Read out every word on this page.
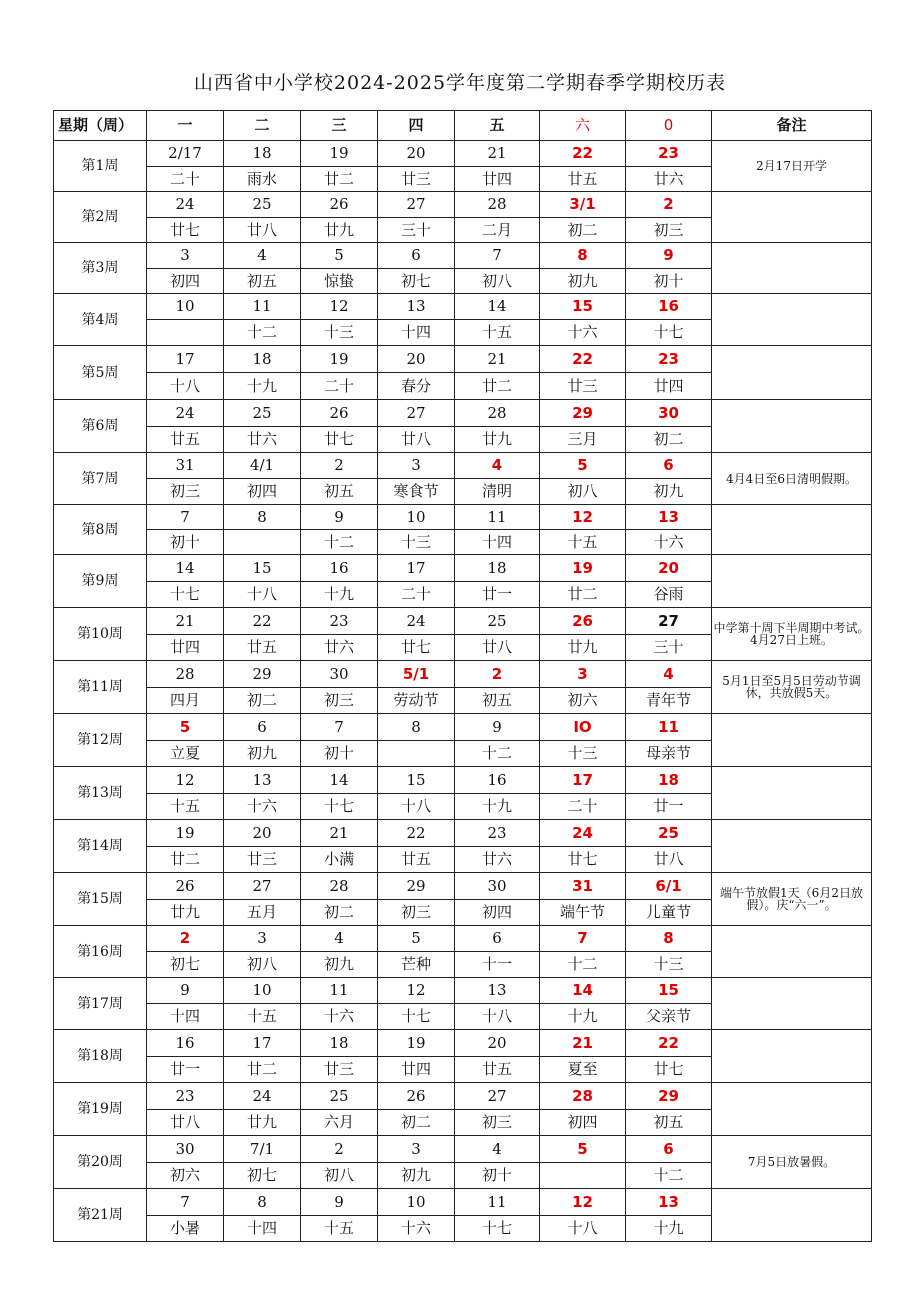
山西省中小学校2024-2025学年度第二学期春季学期校历表
星期（周）	一	二	三	四	五	六	0	备注
第1周	2/17	18	19	20	21	22	23	2月17日开学
	二十	雨水	廿二	廿三	廿四	廿五	廿六	
第2周	24	25	26	27	28	3/1	2	
	廿七	廿八	廿九	三十	二月	初二	初三	
第3周	3	4	5	6	7	8	9	
	初四	初五	惊蛰	初七	初八	初九	初十	
第4周	10	11	12	13	14	15	16	
		十二	十三	十四	十五	十六	十七	
第5周	17	18	19	20	21	22	23	
	十八	十九	二十	春分	廿二	廿三	廿四	
第6周	24	25	26	27	28	29	30	
	廿五	廿六	廿七	廿八	廿九	三月	初二	
第7周	31	4/1	2	3	4	5	6	4月4日至6日清明假期。
	初三	初四	初五	寒食节	清明	初八	初九	
第8周	7	8	9	10	11	12	13	
	初十		十二	十三	十四	十五	十六	
第9周	14	15	16	17	18	19	20	
	十七	十八	十九	二十	廿一	廿二	谷雨	
第10周	21	22	23	24	25	26	27	中学第十周下半周期中考试。4月27日上班。
	廿四	廿五	廿六	廿七	廿八	廿九	三十	
第11周	28	29	30	5/1	2	3	4	5月1日至5月5日劳动节调休，共放假5天。
	四月	初二	初三	劳动节	初五	初六	青年节	
第12周	5	6	7	8	9	IO	11	
	立夏	初九	初十		十二	十三	母亲节	
第13周	12	13	14	15	16	17	18	
	十五	十六	十七	十八	十九	二十	廿一	
第14周	19	20	21	22	23	24	25	
	廿二	廿三	小满	廿五	廿六	廿七	廿八	
第15周	26	27	28	29	30	31	6/1	端午节放假1天（6月2日放假）。庆“六一”。
	廿九	五月	初二	初三	初四	端午节	儿童节	
第16周	2	3	4	5	6	7	8	
	初七	初八	初九	芒种	十一	十二	十三	
第17周	9	10	11	12	13	14	15	
	十四	十五	十六	十七	十八	十九	父亲节	
第18周	16	17	18	19	20	21	22	
	廿一	廿二	廿三	廿四	廿五	夏至	廿七	
第19周	23	24	25	26	27	28	29	
	廿八	廿九	六月	初二	初三	初四	初五	
第20周	30	7/1	2	3	4	5	6	7月5日放暑假。
	初六	初七	初八	初九	初十		十二	
第21周	7	8	9	10	11	12	13	
	小暑	十四	十五	十六	十七	十八	十九	
